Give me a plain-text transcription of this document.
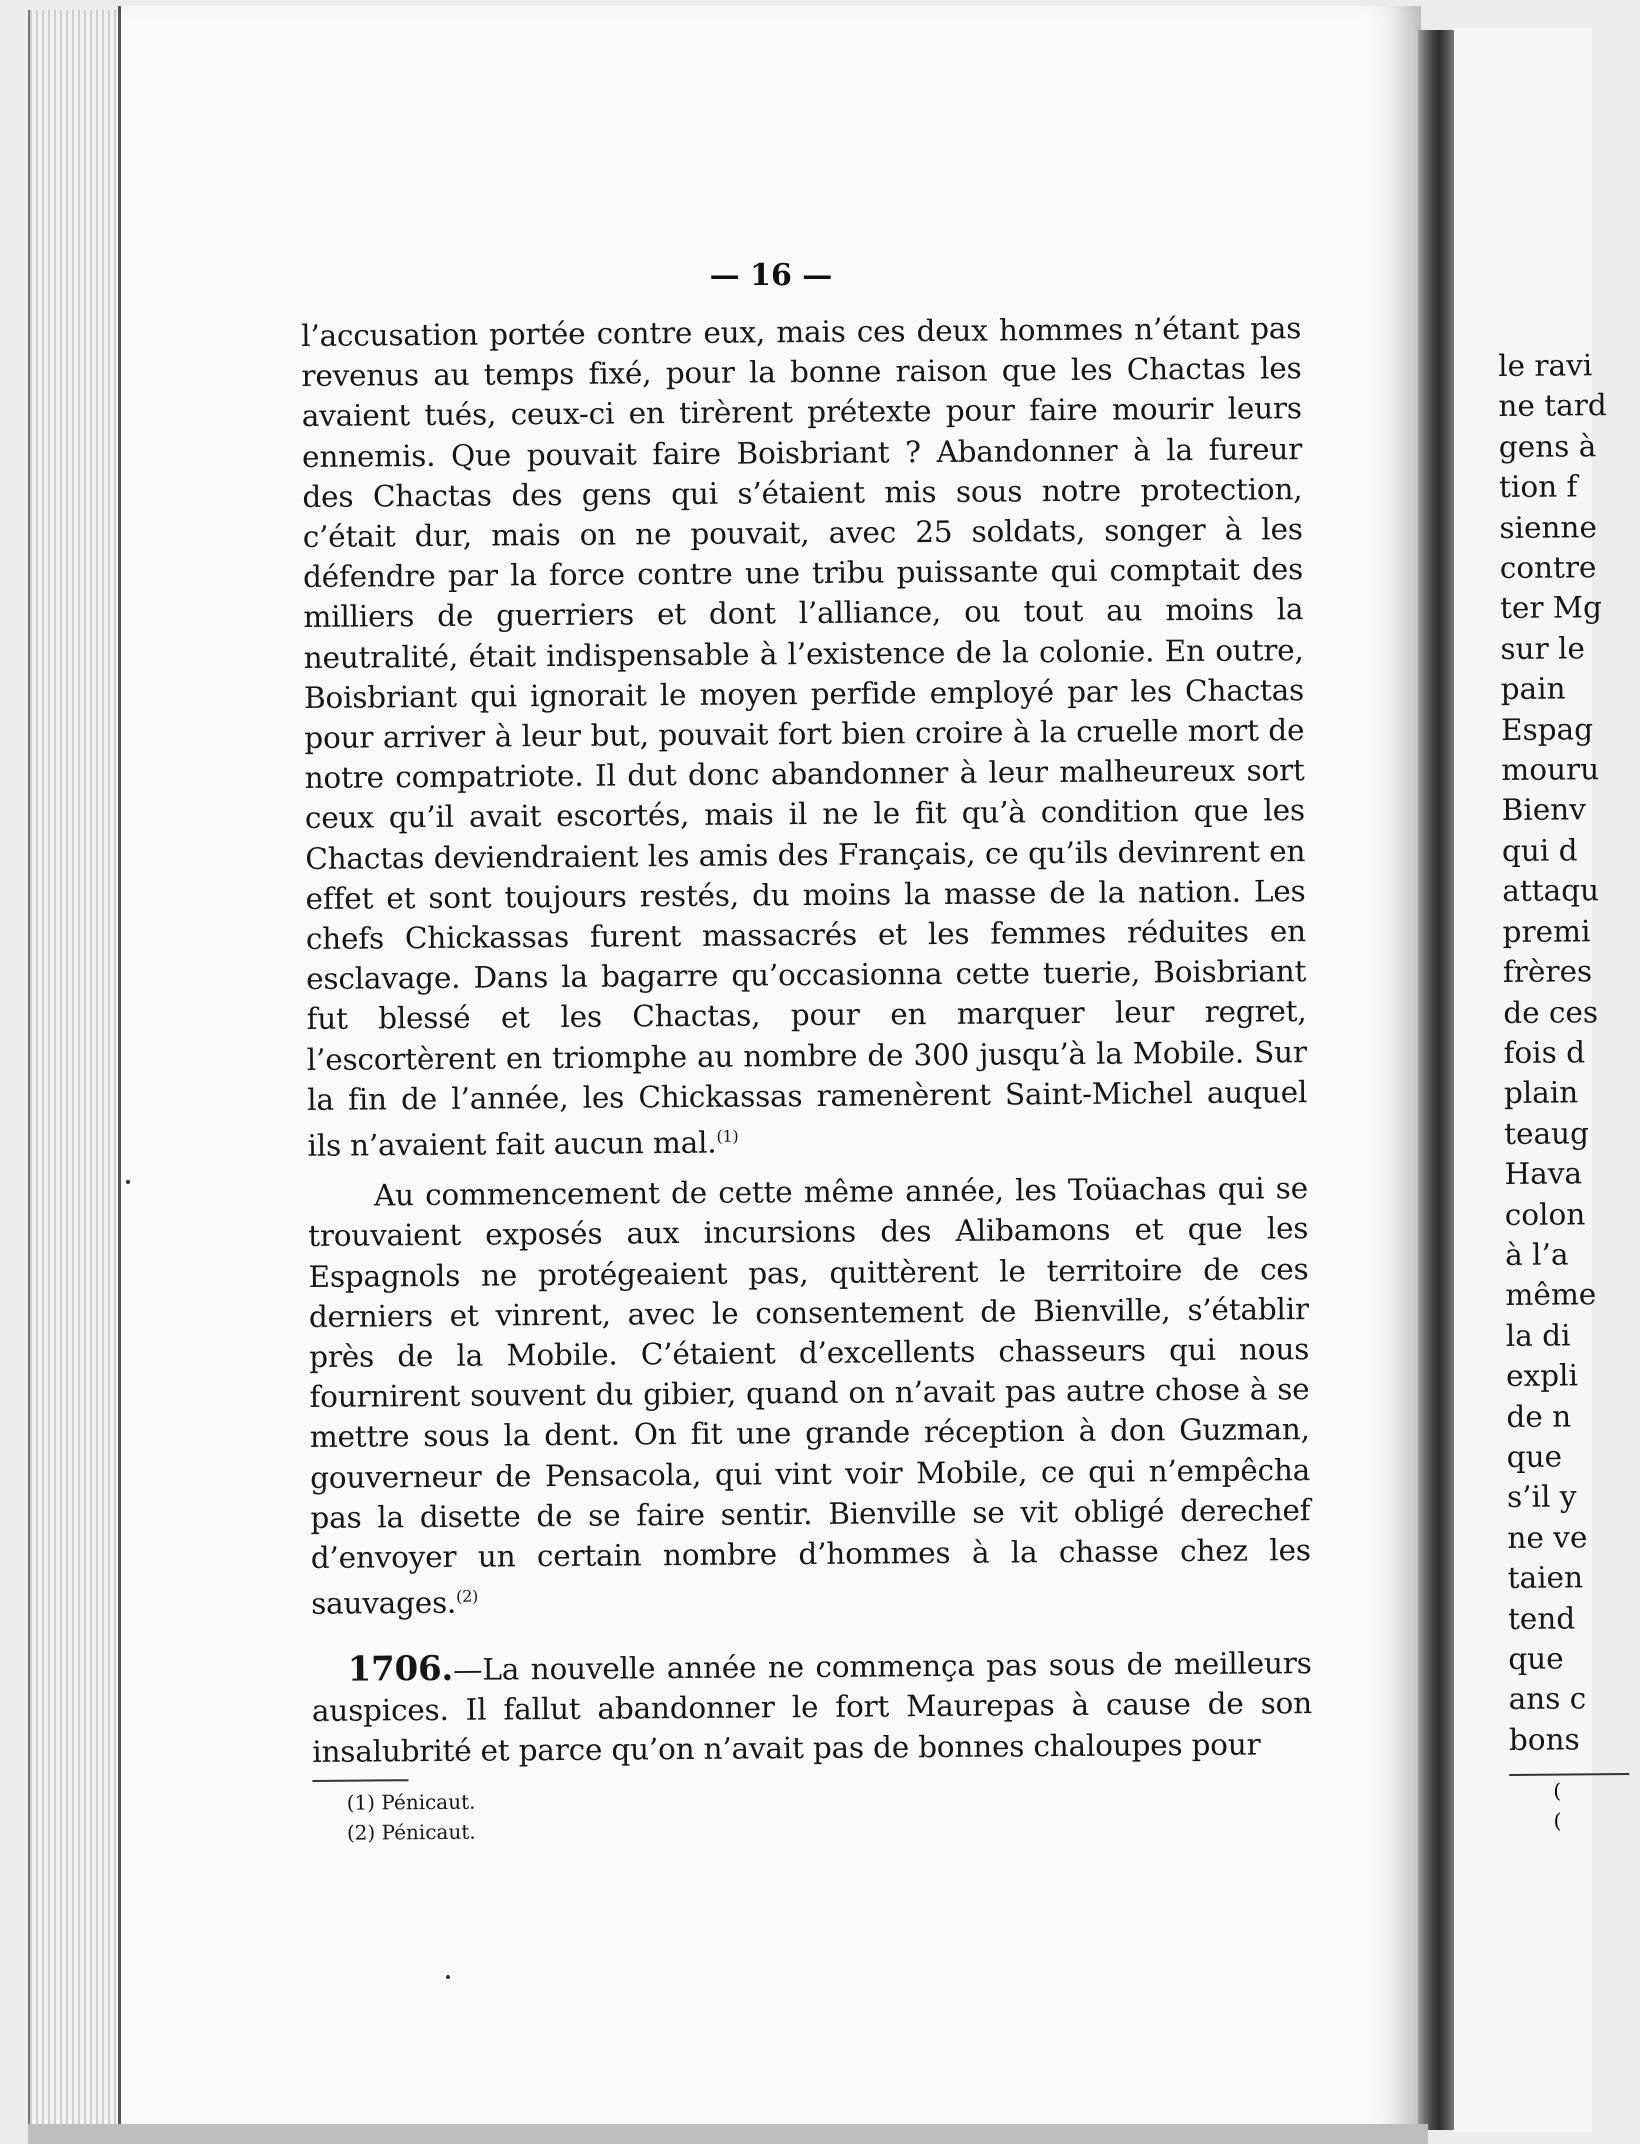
— 16 —

l’accusation portée contre eux, mais ces deux hommes n’étant pas revenus au temps fixé, pour la bonne raison que les Chactas les avaient tués, ceux-ci en tirèrent prétexte pour faire mourir leurs ennemis. Que pouvait faire Boisbriant ? Abandonner à la fureur des Chactas des gens qui s’étaient mis sous notre protection, c’était dur, mais on ne pouvait, avec 25 soldats, songer à les défendre par la force contre une tribu puissante qui comptait des milliers de guerriers et dont l’alliance, ou tout au moins la neutralité, était indispensable à l’existence de la colonie. En outre, Boisbriant qui ignorait le moyen perfide employé par les Chactas pour arriver à leur but, pouvait fort bien croire à la cruelle mort de notre compatriote. Il dut donc abandonner à leur malheureux sort ceux qu’il avait escortés, mais il ne le fit qu’à condition que les Chactas deviendraient les amis des Français, ce qu’ils devinrent en effet et sont toujours restés, du moins la masse de la nation. Les chefs Chickassas furent massacrés et les femmes réduites en esclavage. Dans la bagarre qu’occasionna cette tuerie, Boisbriant fut blessé et les Chactas, pour en marquer leur regret, l’escortèrent en triomphe au nombre de 300 jusqu’à la Mobile. Sur la fin de l’année, les Chickassas ramenèrent Saint-Michel auquel ils n’avaient fait aucun mal.$^{(1)}$

Au commencement de cette même année, les Toüachas qui se trouvaient exposés aux incursions des Alibamons et que les Espagnols ne protégeaient pas, quittèrent le territoire de ces derniers et vinrent, avec le consentement de Bienville, s’établir près de la Mobile. C’étaient d’excellents chasseurs qui nous fournirent souvent du gibier, quand on n’avait pas autre chose à se mettre sous la dent. On fit une grande réception à don Guzman, gouverneur de Pensacola, qui vint voir Mobile, ce qui n’empêcha pas la disette de se faire sentir. Bienville se vit obligé derechef d’envoyer un certain nombre d’hommes à la chasse chez les sauvages.$^{(2)}$

1706.—La nouvelle année ne commença pas sous de meilleurs auspices. Il fallut abandonner le fort Maurepas à cause de son insalubrité et parce qu’on n’avait pas de bonnes chaloupes pour

(1) Pénicaut.

(2) Pénicaut.

le ravi
ne tard
gens à
tion f
sienne
contre
ter Mg
sur le
pain
Espag
mouru
Bienv
qui d
attaqu
premi
frères
de ces
fois d
plain
teaug
Hava
colon
à l’a
même
la di
expli
de n
que
s’il y
ne ve
taien
tend
que
ans c
bons
(
(
